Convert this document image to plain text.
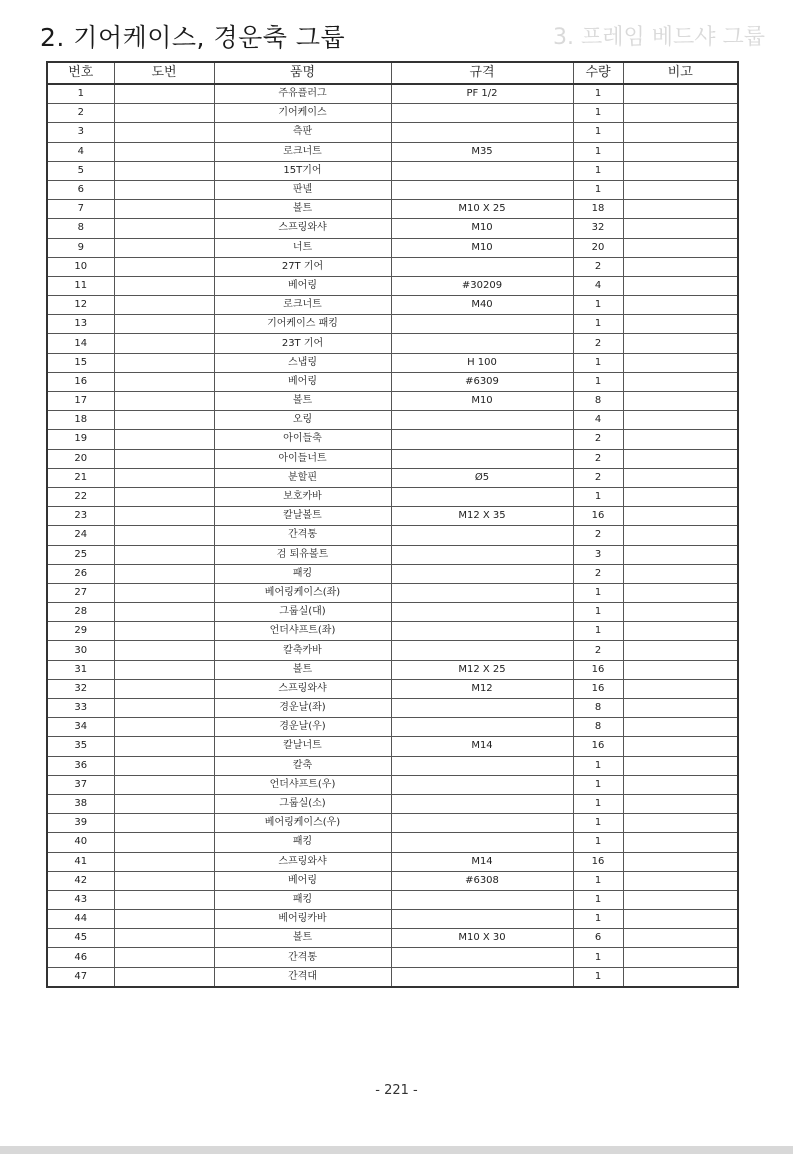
2. 기어케이스, 경운축 그룹	3. 프레임 베드샤 그룹
번호	도번	품명	규격	수량	비고
1		주유플러그	PF 1/2	1	
2		기어케이스		1	
3		측판		1	
4		로크너트	M35	1	
5		15T기어		1	
6		판넬		1	
7		볼트	M10 X 25	18	
8		스프링와샤	M10	32	
9		너트	M10	20	
10		27T 기어		2	
11		베어링	#30209	4	
12		로크너트	M40	1	
13		기어케이스 패킹		1	
14		23T 기어		2	
15		스냅링	H 100	1	
16		베어링	#6309	1	
17		볼트	M10	8	
18		오링		4	
19		아이들축		2	
20		아이들너트		2	
21		분할핀	Ø5	2	
22		보호카바		1	
23		칼날볼트	M12 X 35	16	
24		간격통		2	
25		검 퇴유볼트		3	
26		패킹		2	
27		베어링케이스(좌)		1	
28		그룹실(대)		1	
29		언더샤프트(좌)		1	
30		칼축카바		2	
31		볼트	M12 X 25	16	
32		스프링와샤	M12	16	
33		경운날(좌)		8	
34		경운날(우)		8	
35		칼날너트	M14	16	
36		칼축		1	
37		언더샤프트(우)		1	
38		그룹실(소)		1	
39		베어링케이스(우)		1	
40		패킹		1	
41		스프링와샤	M14	16	
42		베어링	#6308	1	
43		패킹		1	
44		베어링카바		1	
45		볼트	M10 X 30	6	
46		간격통		1	
47		간격대		1	
- 221 -
